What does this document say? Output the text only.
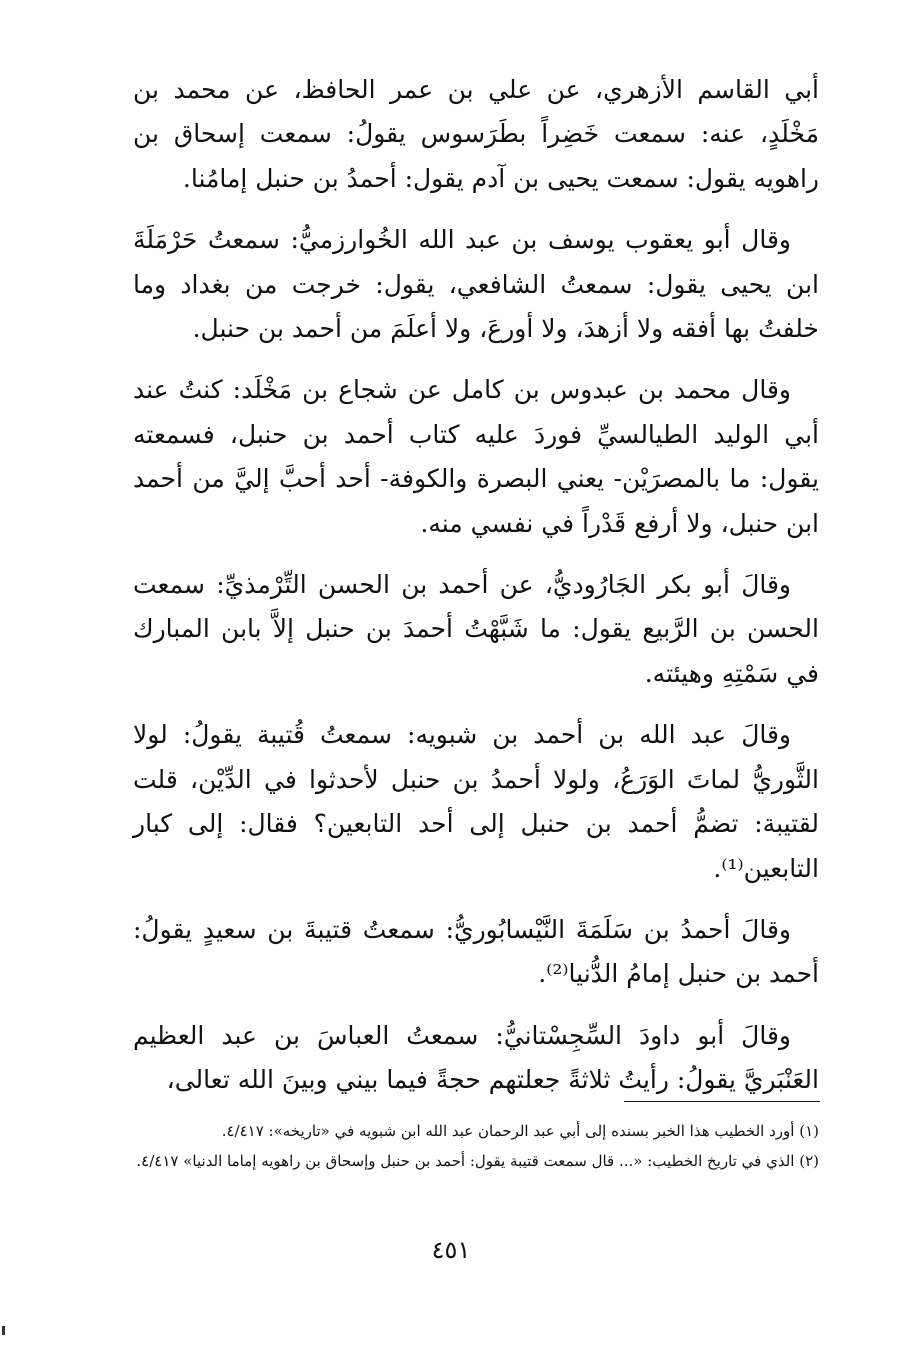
أبي القاسم الأزهري، عن علي بن عمر الحافظ، عن محمد بن مَخْلَدٍ، عنه: سمعت خَضِراً بطَرَسوس يقولُ: سمعت إسحاق بن راهويه يقول: سمعت يحيى بن آدم يقول: أحمدُ بن حنبل إمامُنا.

وقال أبو يعقوب يوسف بن عبد الله الخُوارزميُّ: سمعتُ حَرْمَلَةَ ابن يحيى يقول: سمعتُ الشافعي، يقول: خرجت من بغداد وما خلفتُ بها أفقه ولا أزهدَ، ولا أورعَ، ولا أعلَمَ من أحمد بن حنبل.

وقال محمد بن عبدوس بن كامل عن شجاع بن مَخْلَد: كنتُ عند أبي الوليد الطيالسيِّ فوردَ عليه كتاب أحمد بن حنبل، فسمعته يقول: ما بالمصرَيْن- يعني البصرة والكوفة- أحد أحبَّ إليَّ من أحمد ابن حنبل، ولا أرفع قَدْراً في نفسي منه.

وقالَ أبو بكر الجَارُوديُّ، عن أحمد بن الحسن التِّرْمذيِّ: سمعت الحسن بن الرَّبيع يقول: ما شَبَّهْتُ أحمدَ بن حنبل إلاَّ بابن المبارك في سَمْتِهِ وهيئته.

وقالَ عبد الله بن أحمد بن شبويه: سمعتُ قُتيبة يقولُ: لولا الثَّوريُّ لماتَ الوَرَعُ، ولولا أحمدُ بن حنبل لأحدثوا في الدِّيْن، قلت لقتيبة: تضمُّ أحمد بن حنبل إلى أحد التابعين؟ فقال: إلى كبار التابعين⁽¹⁾.

وقالَ أحمدُ بن سَلَمَةَ النَّيْسابُوريُّ: سمعتُ قتيبةَ بن سعيدٍ يقولُ: أحمد بن حنبل إمامُ الدُّنيا⁽²⁾.

وقالَ أبو داودَ السِّجِسْتانيُّ: سمعتُ العباسَ بن عبد العظيم العَنْبَريَّ يقولُ: رأيتُ ثلاثةً جعلتهم حجةً فيما بيني وبينَ الله تعالى،

(١) أورد الخطيب هذا الخبر بسنده إلى أبي عبد الرحمان عبد الله ابن شبويه في «تاريخه»: ٤/٤١٧.

(٢) الذي في تاريخ الخطيب: «... قال سمعت قتيبة يقول: أحمد بن حنبل وإسحاق بن راهويه إماما الدنيا» ٤/٤١٧.

٤٥١
